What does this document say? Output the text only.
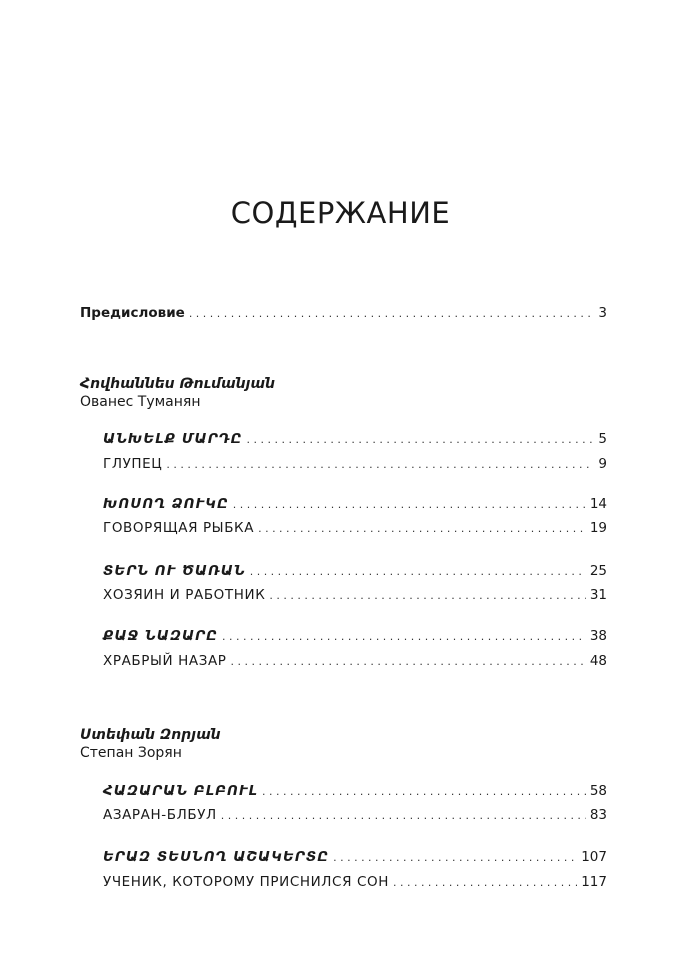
СОДЕРЖАНИЕ
Предисловие . . .	3
Հովհաննես Թումանյան
Ованес Туманян
ԱՆԽԵԼՔ ՄԱՐԴԸ . . .	5
ГЛУПЕЦ . . .	9
ԽՈՍՈՂ ՁՈՒԿԸ . . .	14
ГОВОРЯЩАЯ РЫБКА . . .	19
ՏԵՐՆ ՈՒ ԾԱՌԱՆ . . .	25
ХОЗЯИН И РАБОТНИК . . .	31
ՔԱՋ ՆԱԶԱՐԸ . . .	38
ХРАБРЫЙ НАЗАР . . .	48
Ստեփան Զորյան
Степан Зорян
ՀԱԶԱՐԱՆ ԲԼԲՈՒԼ . . .	58
АЗАРАН-БЛБУЛ . . .	83
ԵՐԱԶ ՏԵՍՆՈՂ ԱՇԱԿԵՐՏԸ . . .	107
УЧЕНИК, КОТОРОМУ ПРИСНИЛСЯ СОН . . .	117
